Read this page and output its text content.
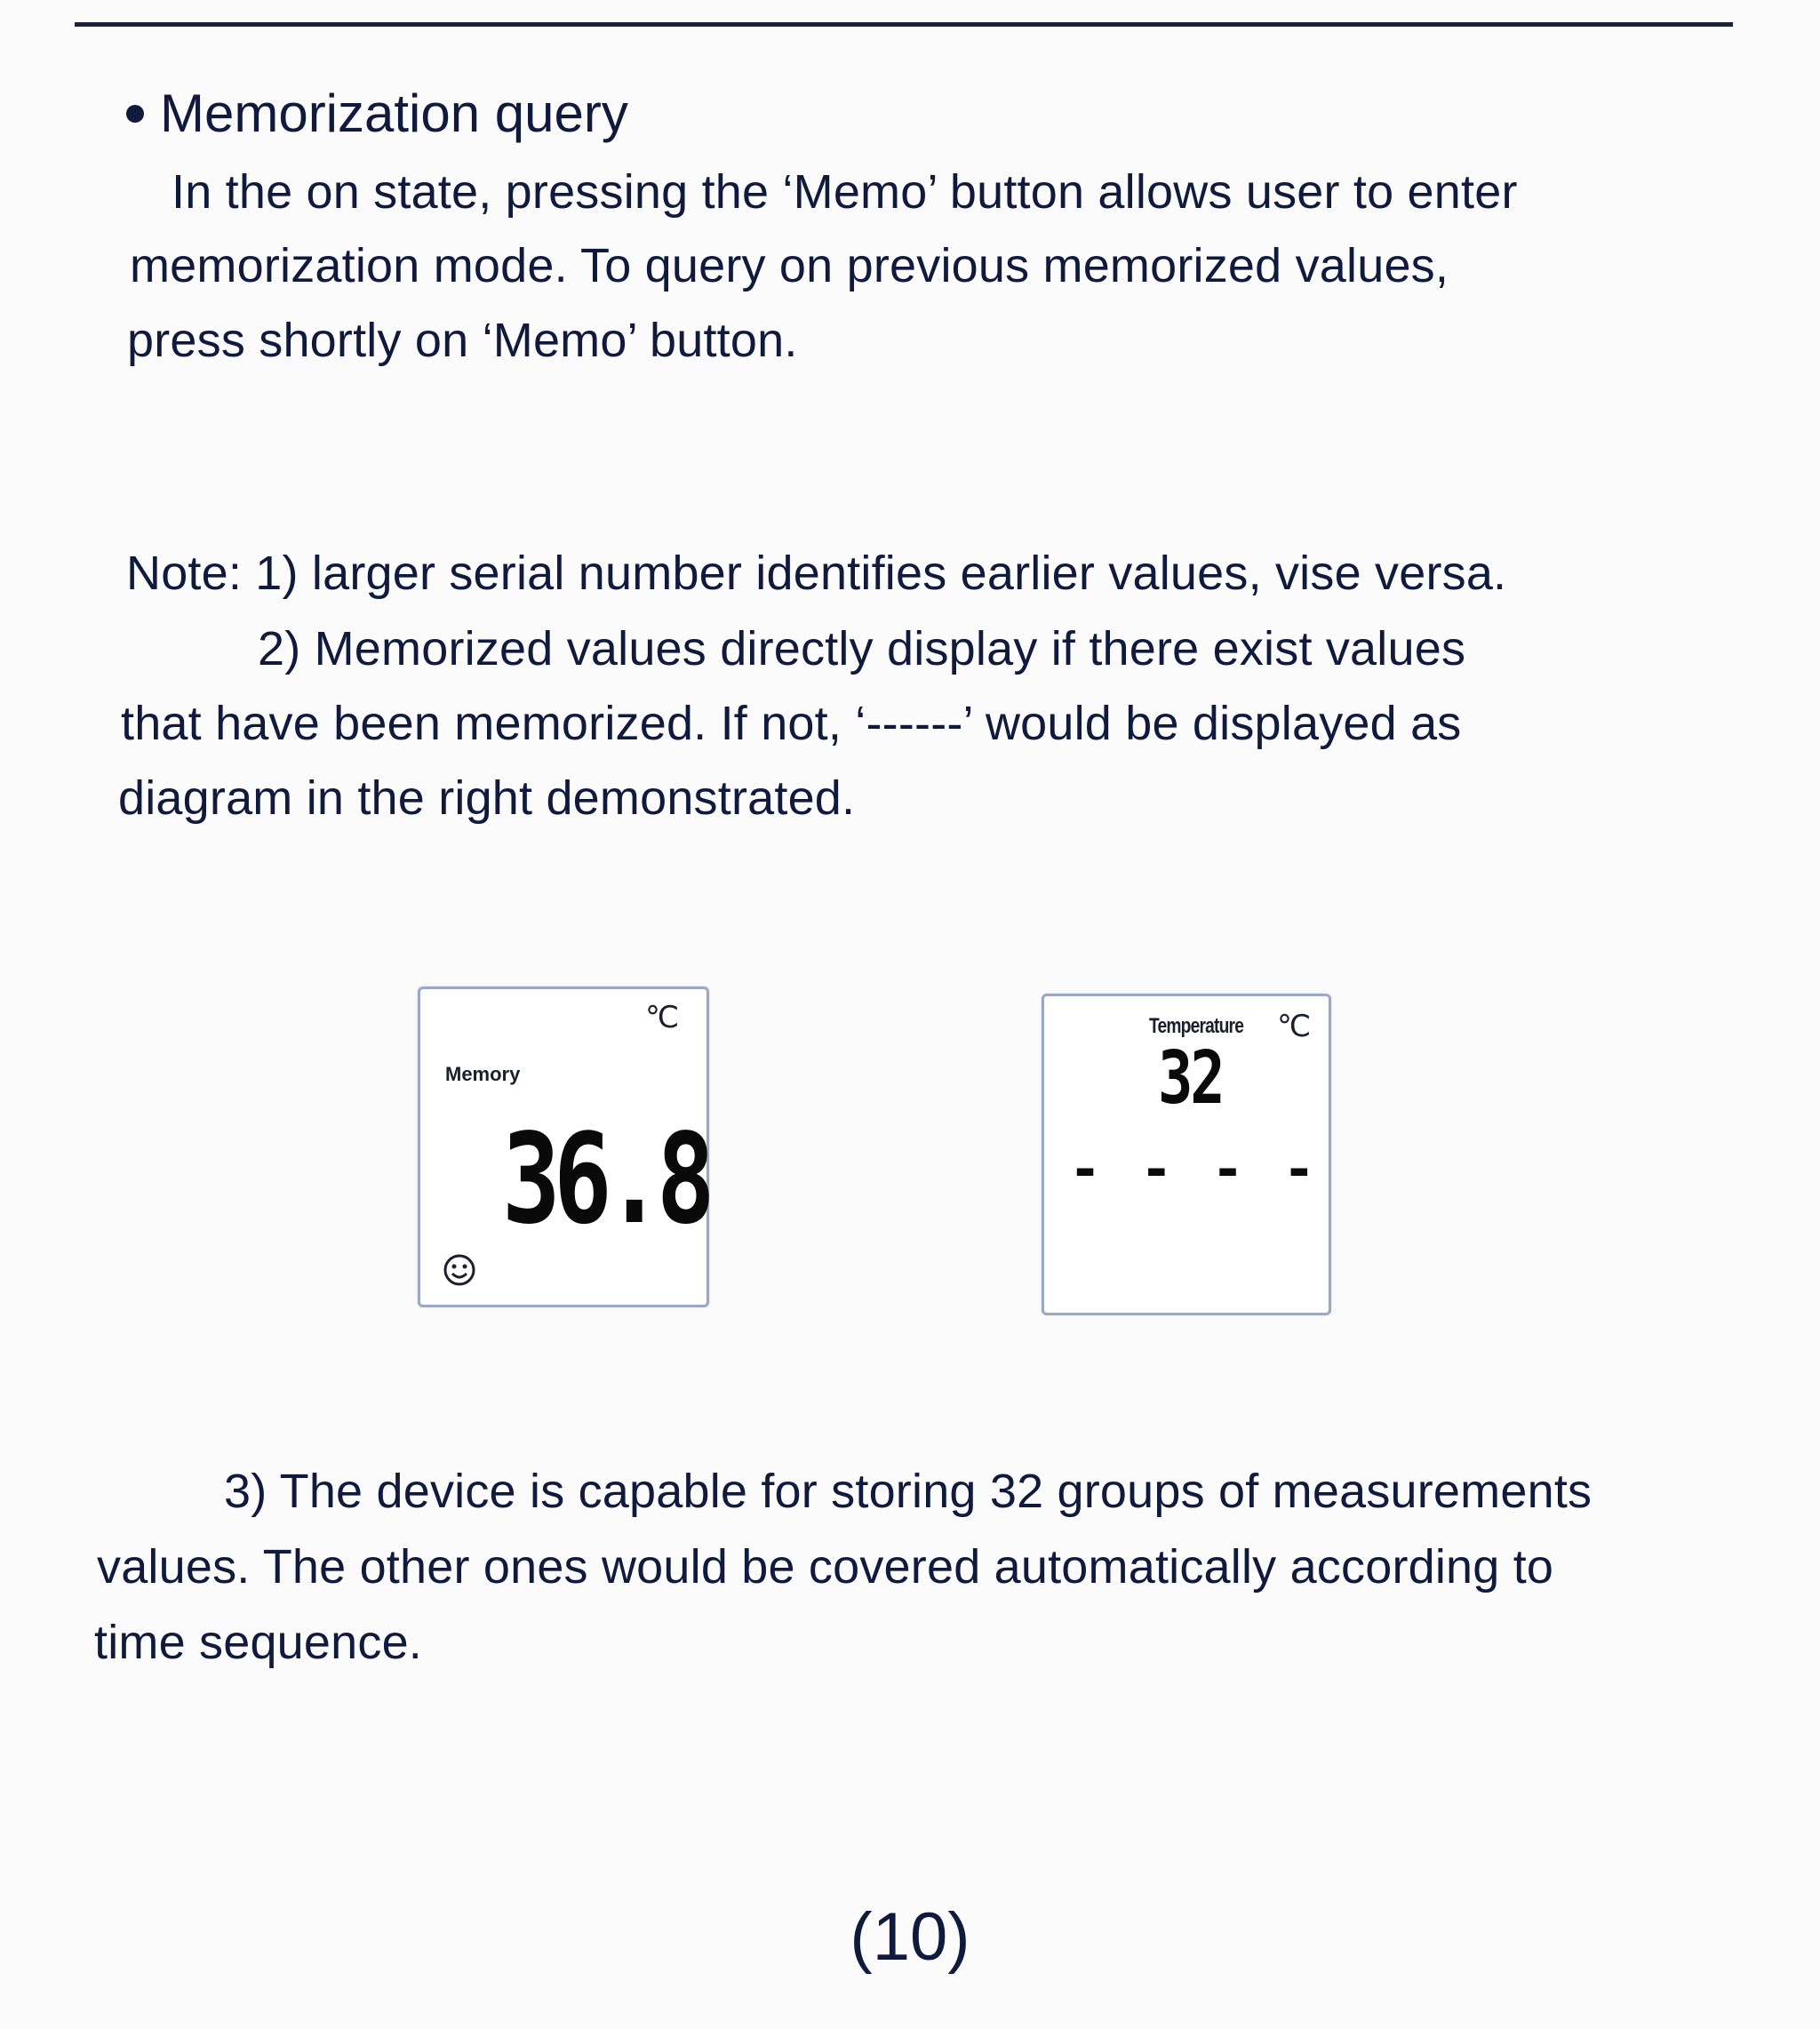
Memorization query
In the on state, pressing the ‘Memo’ button allows user to enter
memorization mode. To query on previous memorized values,
press shortly on ‘Memo’ button.
Note: 1) larger serial number identifies earlier values, vise versa.
2) Memorized values directly display if there exist values
that have been memorized. If not, ‘------’ would be displayed as
diagram in the right demonstrated.
℃
Memory
36.8
Temperature ℃
32
- - - -
3) The device is capable for storing 32 groups of measurements
values. The other ones would be covered automatically according to
time sequence.
(10)
